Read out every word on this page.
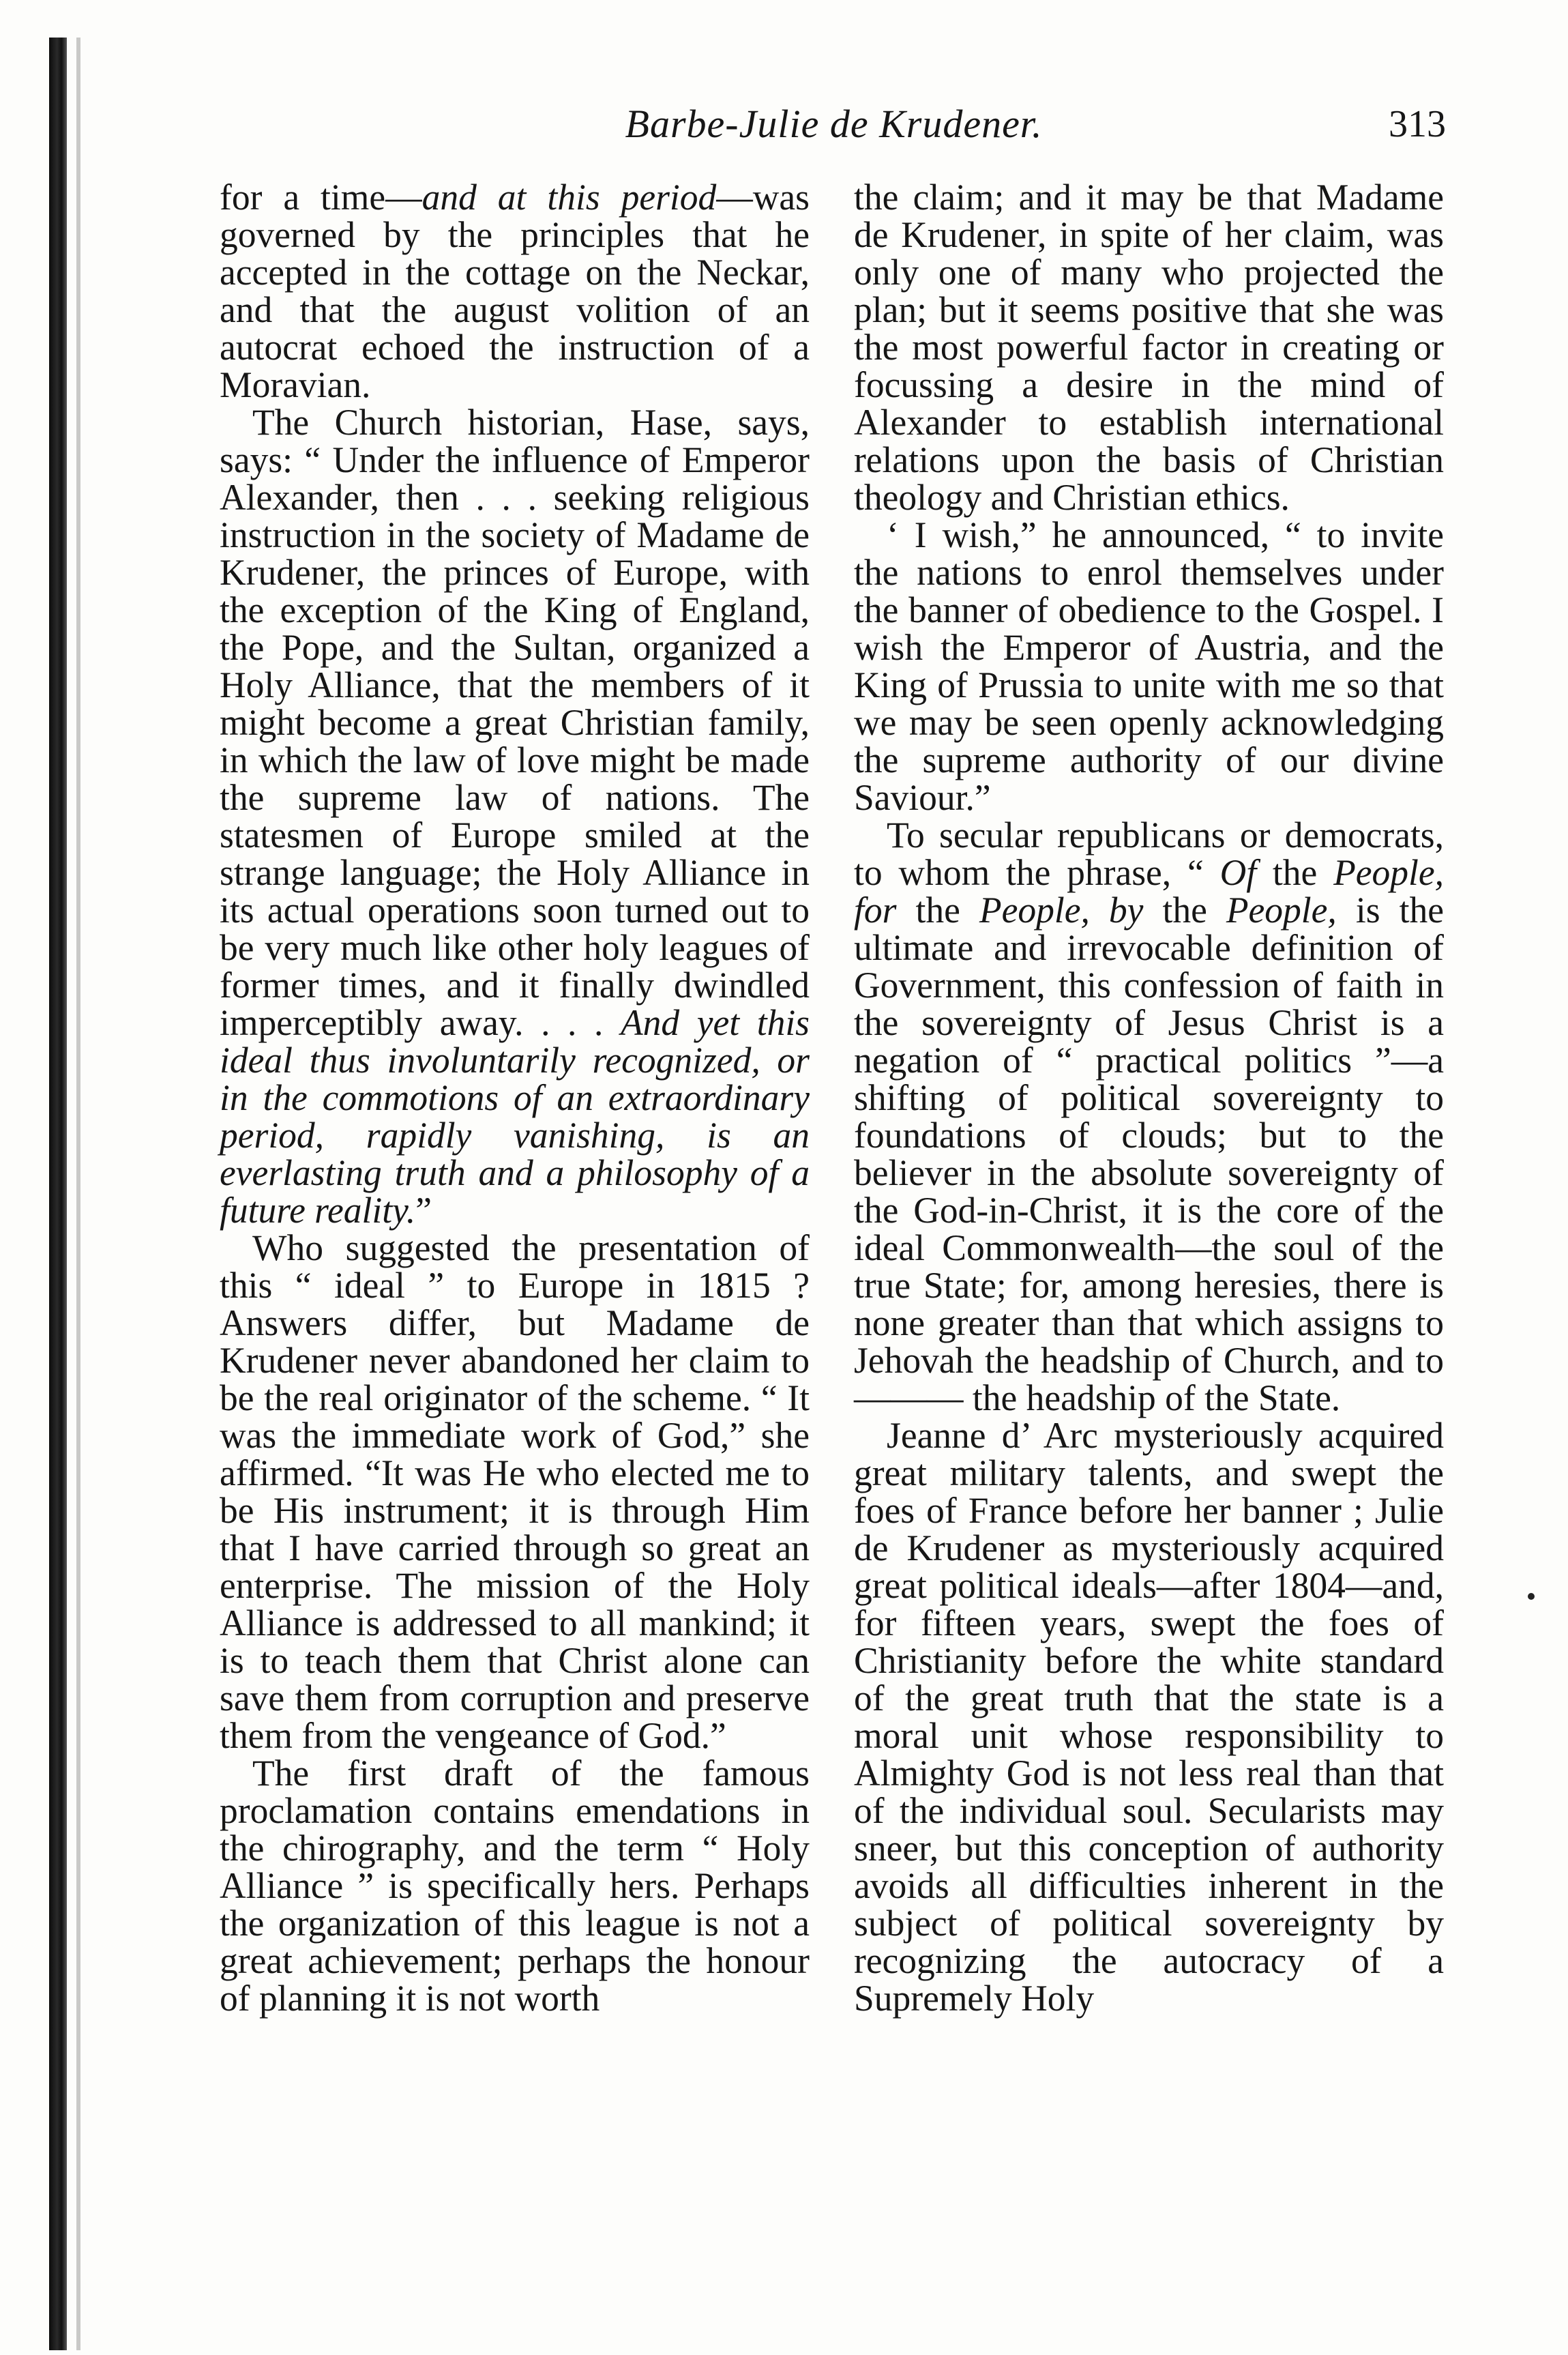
Barbe-Julie de Krudener.	313

for a time—and at this period—was governed by the principles that he accepted in the cottage on the Neckar, and that the august volition of an autocrat echoed the instruction of a Moravian.

The Church historian, Hase, says, says: “ Under the influence of Emperor Alexander, then . . . seeking religious instruction in the society of Madame de Krudener, the princes of Europe, with the exception of the King of England, the Pope, and the Sultan, organized a Holy Alliance, that the members of it might become a great Christian family, in which the law of love might be made the supreme law of nations. The statesmen of Europe smiled at the strange language; the Holy Alliance in its actual operations soon turned out to be very much like other holy leagues of former times, and it finally dwindled imperceptibly away. . . . And yet this ideal thus involuntarily recognized, or in the commotions of an extraordinary period, rapidly vanishing, is an everlasting truth and a philosophy of a future reality.”

Who suggested the presentation of this “ ideal ” to Europe in 1815 ? Answers differ, but Madame de Krudener never abandoned her claim to be the real originator of the scheme. “ It was the immediate work of God,” she affirmed. “It was He who elected me to be His instrument; it is through Him that I have carried through so great an enterprise. The mission of the Holy Alliance is addressed to all mankind; it is to teach them that Christ alone can save them from corruption and preserve them from the vengeance of God.”

The first draft of the famous proclamation contains emendations in the chirography, and the term “ Holy Alliance ” is specifically hers. Perhaps the organization of this league is not a great achievement; perhaps the honour of planning it is not worth

the claim; and it may be that Madame de Krudener, in spite of her claim, was only one of many who projected the plan; but it seems positive that she was the most powerful factor in creating or focussing a desire in the mind of Alexander to establish international relations upon the basis of Christian theology and Christian ethics.

‘ I wish,” he announced, “ to invite the nations to enrol themselves under the banner of obedience to the Gospel. I wish the Emperor of Austria, and the King of Prussia to unite with me so that we may be seen openly acknowledging the supreme authority of our divine Saviour.”

To secular republicans or democrats, to whom the phrase, “ Of the People, for the People, by the People, is the ultimate and irrevocable definition of Government, this confession of faith in the sovereignty of Jesus Christ is a negation of “ practical politics ”—a shifting of political sovereignty to foundations of clouds; but to the believer in the absolute sovereignty of the God-in-Christ, it is the core of the ideal Commonwealth—the soul of the true State; for, among heresies, there is none greater than that which assigns to Jehovah the headship of Church, and to ——— the headship of the State.

Jeanne d’ Arc mysteriously acquired great military talents, and swept the foes of France before her banner ; Julie de Krudener as mysteriously acquired great political ideals—after 1804—and, for fifteen years, swept the foes of Christianity before the white standard of the great truth that the state is a moral unit whose responsibility to Almighty God is not less real than that of the individual soul. Secularists may sneer, but this conception of authority avoids all difficulties inherent in the subject of political sovereignty by recognizing the autocracy of a Supremely Holy
